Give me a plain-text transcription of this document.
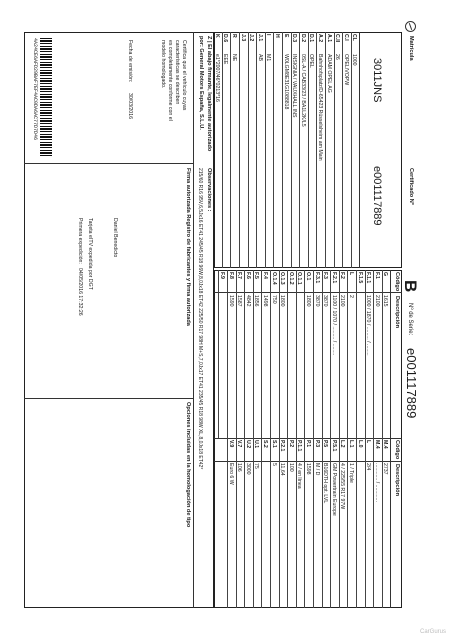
Matrícula
Certificado Nº
B
Nº de Serie:
e001117889
3011JNS
e001117889
CL
1000
C.I
OPEL/VOPW
C.II
26
A.1
ADAM OPEL AG
A.2
Bahnhofsplatz/D-65423 Rüsselsheim am Main
D.1
OPEL
D.2
0SL-A / CAB33/23 / BA1L2K/L5
D.3
INSIGNIA / VAUXHALL INS
E
W0LGM8E31G1088818
H
I
M1
J.1
AB
J.2
J.3
R
NE
D.6
EEE
K
e1*2007/46*0213*16
Código
Descripción
Código
Descripción
G
1615
F.1
2100
F.1.1
1000 / 1870 / ......... / ........
F.1.5
L
2
F.2
2100
F.2.1
1100 / 1070 / ......... / ........
F.3
3870
F.3.1
3870
O.1
1800
O.1.1
O.1.2
O.1.3
1800
O.1.4
750
F.4
1498
F.5
1856
F.6
4842
F.7
1587
F.8
1590
F.9
M.4
2737
M.4
............ / ............
L
2/4
L.0
L.1
1 / Triple
L.2
4 / 225/55 R17 97W
P.5.1
GM Powertrain Europe
P.5
B16DTH opt. LVL
P.3
M / D
P.1
1598
P.1.1
4 / en línea
P.2
100
P.2.1
11,64
S.1
5
S.2
U.1
75
U.2
3000
V.7
106
V.9
Euro 6 W
Z | El abajo firmante, legalmente autorizado
por: General Motors España, S.L.U.
Observaciones :
215/60 R16 95V,6,5Jx16 ET41 245/45 R18 96W,8,0Jx18 ET42 225/50 R17 98H M+S,7,0Jx17 ET41 235/45 R18 98W XL,8,0Jx18 ET42*
Certifica que el vehículo cuyas
características se describen
es completamente conforme con el
modelo homologado.
Fecha de emisión:
30/03/2016
Firma autorizada Registro de fabricantes y firma autorizada
Opciones incluidas en la homologación de tipo
Daniel Benedicto
Tarjeta eITV expedida por DGT
Primera expedición:
04/05/2016 17:32:26
4A24CE6AFD29BAF7EF4AC0DA6AC77D7D46
CarGurus
